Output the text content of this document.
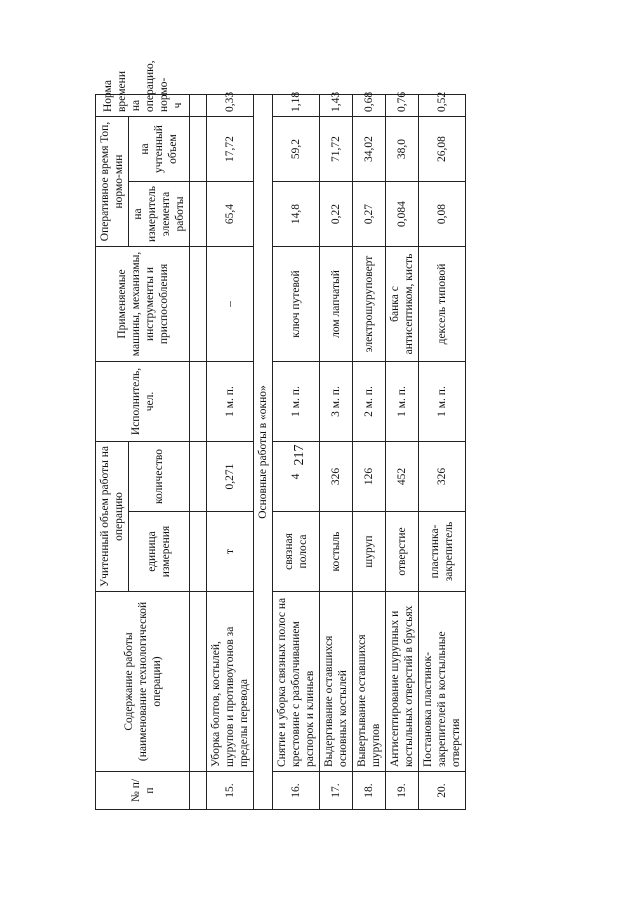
217
№ п/п	Содержание работы (наименование технологической операции)	Учитенный объем работы на операцию		Исполнитель, чел.	Применяемые машины, механизмы, инструменты и приспособления	Оперативное время Топ, нормо-мин		Норма времени на операцию, нормо-ч
		единица измерения	количество			на измеритель элемента работы	на учтенный объем	

15.	Уборка болтов, костылей, шурупов и противоугонов за пределы перевода	т	0,271	1 м. п.	–	65,4	17,72	0,33
Основные работы в «окно»								
16.	Снятие и уборка связных полос на крестовине с разболчиванием распорок и клиньев	связная полоса	4	1 м. п.	ключ путевой	14,8	59,2	1,18
17.	Выдергивание оставшихся основных костылей	костыль	326	3 м. п.	лом лапчатый	0,22	71,72	1,43
18.	Вывертывание оставшихся шурупов	шуруп	126	2 м. п.	электрошуруповерт	0,27	34,02	0,68
19.	Антисептирование шурупных и костыльных отверстий в брусьях	отверстие	452	1 м. п.	банка с антисептиком, кисть	0,084	38,0	0,76
20.	Постановка пластинок-закрепителей в костыльные отверстия	пластинка-закрепитель	326	1 м. п.	дексель типовой	0,08	26,08	0,52
